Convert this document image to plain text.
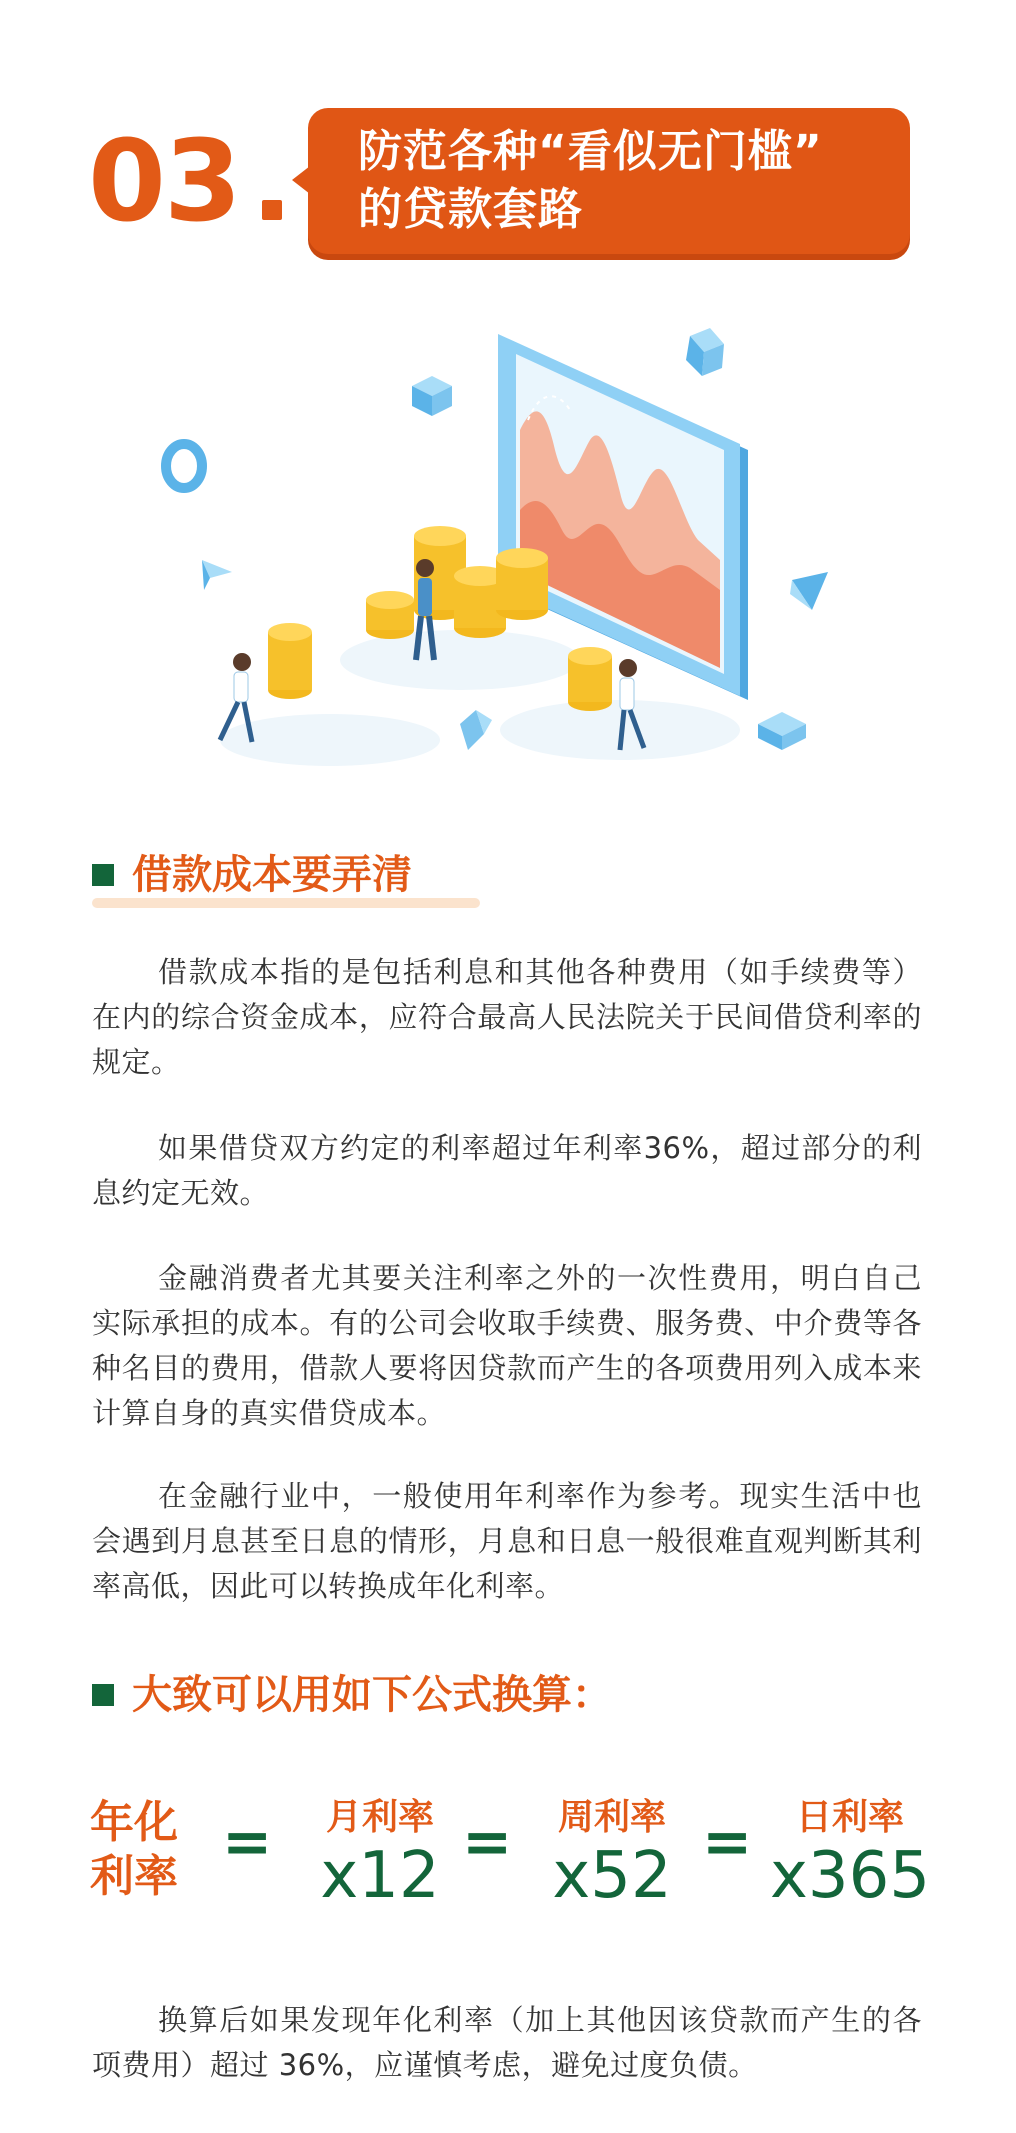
03	防范各种“看似无门槛”
的贷款套路
借款成本要弄清
借款成本指的是包括利息和其他各种费用（如手续费等）在内的综合资金成本，应符合最高人民法院关于民间借贷利率的规定。
如果借贷双方约定的利率超过年利率36%，超过部分的利息约定无效。
金融消费者尤其要关注利率之外的一次性费用，明白自己实际承担的成本。有的公司会收取手续费、服务费、中介费等各种名目的费用，借款人要将因贷款而产生的各项费用列入成本来计算自身的真实借贷成本。
在金融行业中，一般使用年利率作为参考。现实生活中也会遇到月息甚至日息的情形，月息和日息一般很难直观判断其利率高低，因此可以转换成年化利率。
大致可以用如下公式换算：
年化
利率 =	月利率
x12 =	周利率
x52 =	日利率
x365
换算后如果发现年化利率（加上其他因该贷款而产生的各项费用）超过 36%，应谨慎考虑，避免过度负债。
